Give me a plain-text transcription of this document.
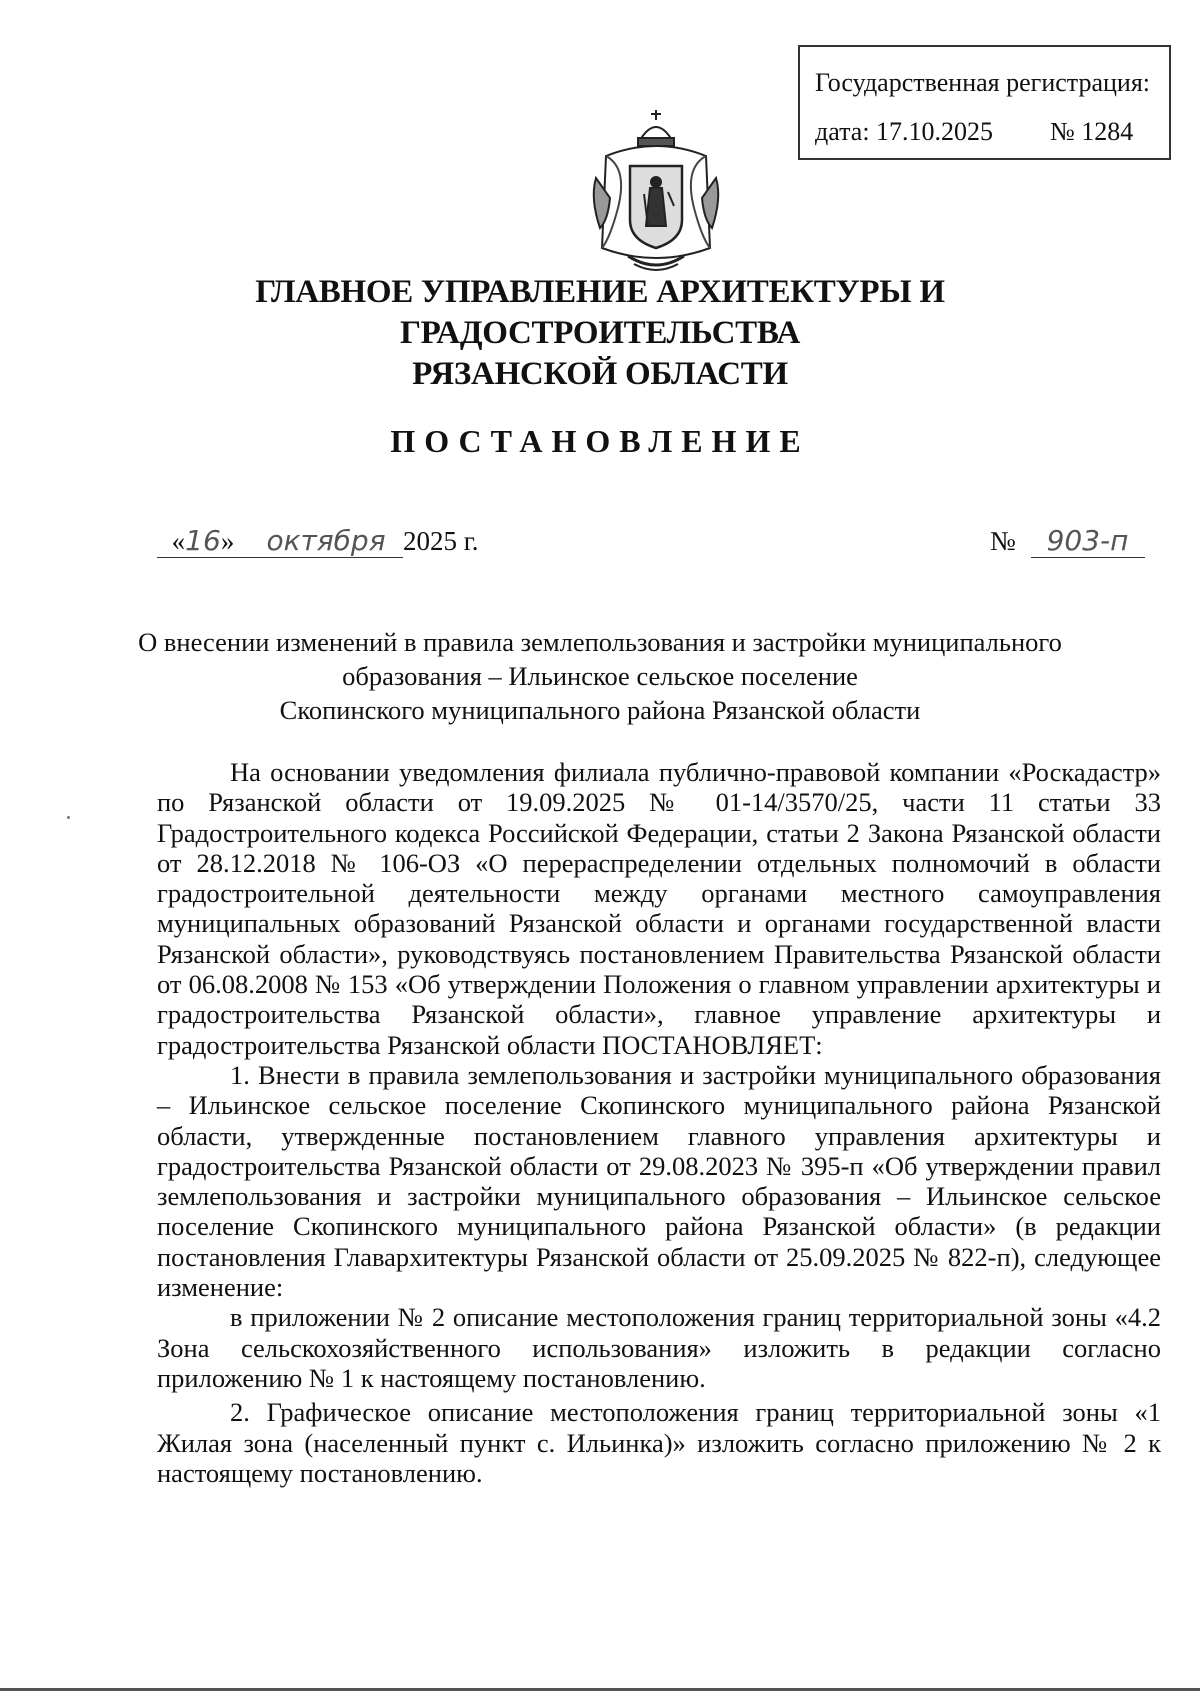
Государственная регистрация:
дата: 17.10.2025 № 1284
ГЛАВНОЕ УПРАВЛЕНИЕ АРХИТЕКТУРЫ И ГРАДОСТРОИТЕЛЬСТВА
РЯЗАНСКОЙ ОБЛАСТИ
ПОСТАНОВЛЕНИЕ
«16» октября 2025 г.	№ 903-п
О внесении изменений в правила землепользования и застройки муниципального
образования – Ильинское сельское поселение
Скопинского муниципального района Рязанской области

На основании уведомления филиала публично-правовой компании «Роскадастр» по Рязанской области от 19.09.2025 № 01-14/3570/25, части 11 статьи 33 Градостроительного кодекса Российской Федерации, статьи 2 Закона Рязанской области от 28.12.2018 № 106-ОЗ «О перераспределении отдельных полномочий в области градостроительной деятельности между органами местного самоуправления муниципальных образований Рязанской области и органами государственной власти Рязанской области», руководствуясь постановлением Правительства Рязанской области от 06.08.2008 № 153 «Об утверждении Положения о главном управлении архитектуры и градостроительства Рязанской области», главное управление архитектуры и градостроительства Рязанской области ПОСТАНОВЛЯЕТ:

1. Внести в правила землепользования и застройки муниципального образования – Ильинское сельское поселение Скопинского муниципального района Рязанской области, утвержденные постановлением главного управления архитектуры и градостроительства Рязанской области от 29.08.2023 № 395-п «Об утверждении правил землепользования и застройки муниципального образования – Ильинское сельское поселение Скопинского муниципального района Рязанской области» (в редакции постановления Главархитектуры Рязанской области от 25.09.2025 № 822-п), следующее изменение:

в приложении № 2 описание местоположения границ территориальной зоны «4.2 Зона сельскохозяйственного использования» изложить в редакции согласно приложению № 1 к настоящему постановлению.

2. Графическое описание местоположения границ территориальной зоны «1 Жилая зона (населенный пункт с. Ильинка)» изложить согласно приложению № 2 к настоящему постановлению.
